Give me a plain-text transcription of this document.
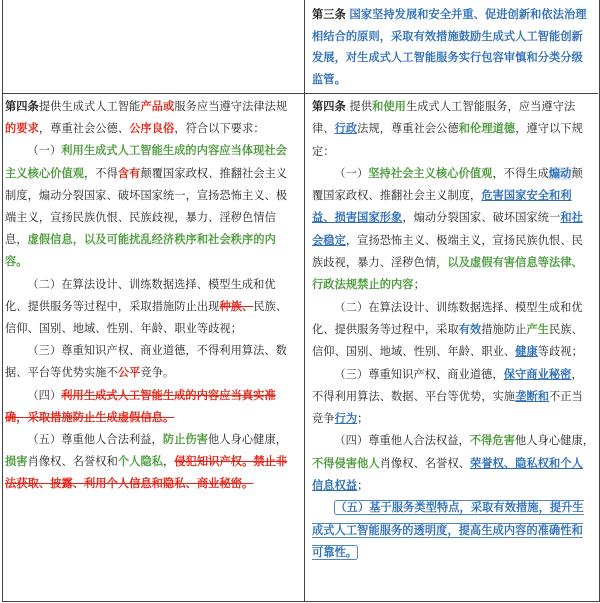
第三条 国家坚持发展和安全并重、促进创新和依法治理相结合的原则，采取有效措施鼓励生成式人工智能创新发展，对生成式人工智能服务实行包容审慎和分类分级监管。

第四条提供生成式人工智能产品或服务应当遵守法律法规的要求，尊重社会公德、公序良俗，符合以下要求：

（一）利用生成式人工智能生成的内容应当体现社会主义核心价值观，不得含有颠覆国家政权、推翻社会主义制度，煽动分裂国家、破坏国家统一，宣扬恐怖主义、极端主义，宣扬民族仇恨、民族歧视，暴力、淫秽色情信息，虚假信息，以及可能扰乱经济秩序和社会秩序的内容。

（二）在算法设计、训练数据选择、模型生成和优化、提供服务等过程中，采取措施防止出现种族、民族、信仰、国别、地域、性别、年龄、职业等歧视；

（三）尊重知识产权、商业道德，不得利用算法、数据、平台等优势实施不公平竞争。

（四）利用生成式人工智能生成的内容应当真实准确，采取措施防止生成虚假信息。

（五）尊重他人合法利益，防止伤害他人身心健康，损害肖像权、名誉权和个人隐私，侵犯知识产权。禁止非法获取、披露、利用个人信息和隐私、商业秘密。

第四条 提供和使用生成式人工智能服务，应当遵守法律、行政法规，尊重社会公德和伦理道德，遵守以下规定：

（一）坚持社会主义核心价值观，不得生成煽动颠覆国家政权、推翻社会主义制度，危害国家安全和利益、损害国家形象，煽动分裂国家、破坏国家统一和社会稳定，宣扬恐怖主义、极端主义，宣扬民族仇恨、民族歧视，暴力、淫秽色情，以及虚假有害信息等法律、行政法规禁止的内容；

（二）在算法设计、训练数据选择、模型生成和优化、提供服务等过程中，采取有效措施防止产生民族、信仰、国别、地域、性别、年龄、职业、健康等歧视；

（三）尊重知识产权、商业道德，保守商业秘密，不得利用算法、数据、平台等优势，实施垄断和不正当竞争行为；

（四）尊重他人合法权益，不得危害他人身心健康，不得侵害他人肖像权、名誉权、荣誉权、隐私权和个人信息权益；

（五）基于服务类型特点，采取有效措施，提升生成式人工智能服务的透明度，提高生成内容的准确性和可靠性。
